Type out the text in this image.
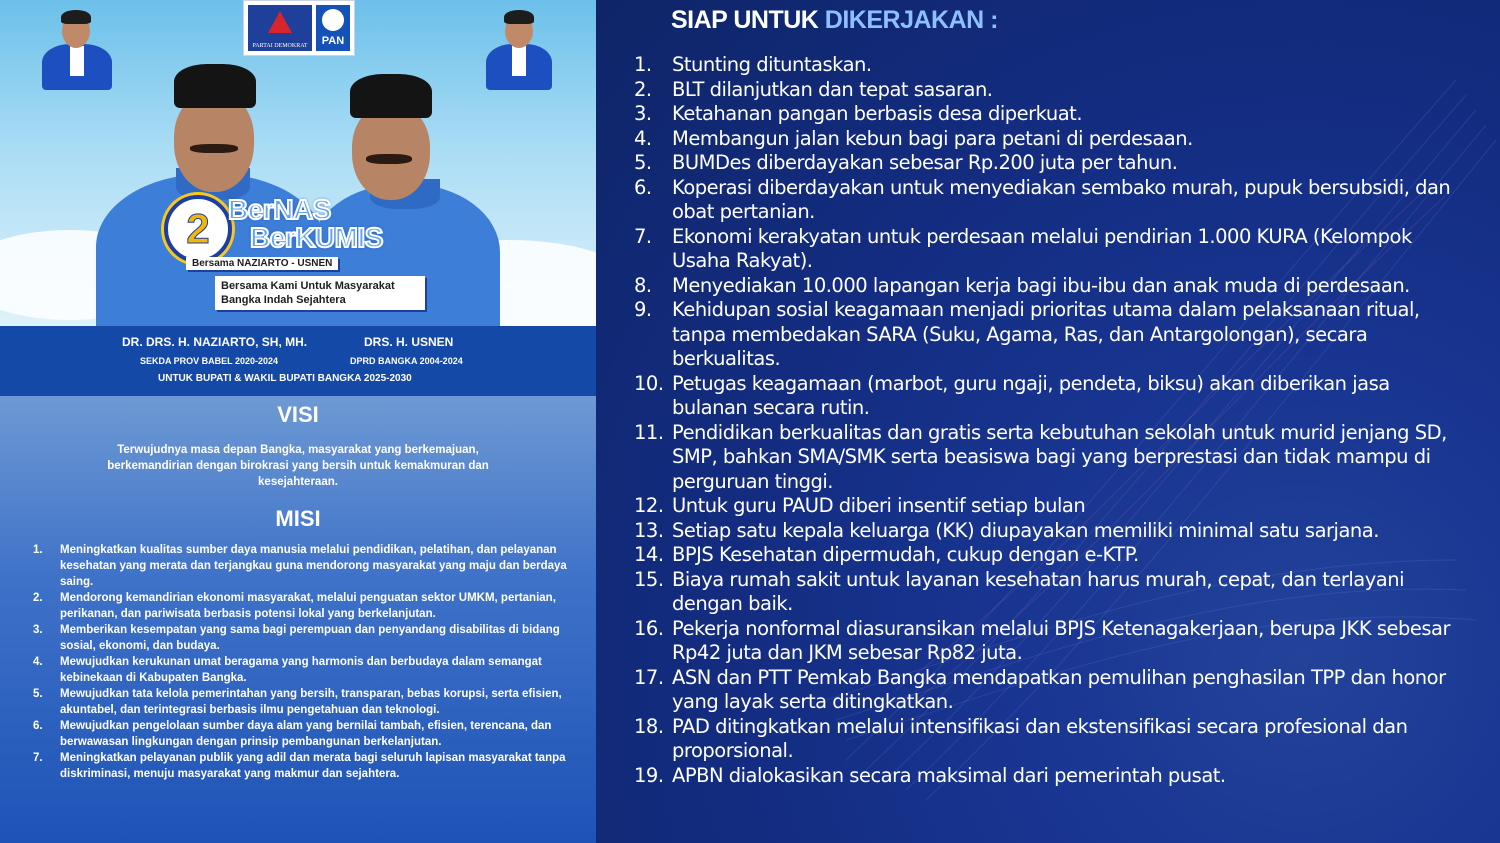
PARTAI DEMOKRAT	PAN
2 BerNAS
BerKUMIS
Bersama NAZIARTO - USNEN
Bersama Kami Untuk Masyarakat Bangka Indah Sejahtera
DR. DRS. H. NAZIARTO, SH, MH.	DRS. H. USNEN
SEKDA PROV BABEL 2020-2024	DPRD BANGKA 2004-2024
UNTUK BUPATI & WAKIL BUPATI BANGKA 2025-2030
VISI
Terwujudnya masa depan Bangka, masyarakat yang berkemajuan, berkemandirian dengan birokrasi yang bersih untuk kemakmuran dan kesejahteraan.
MISI
1. Meningkatkan kualitas sumber daya manusia melalui pendidikan, pelatihan, dan pelayanan kesehatan yang merata dan terjangkau guna mendorong masyarakat yang maju dan berdaya saing.
2. Mendorong kemandirian ekonomi masyarakat, melalui penguatan sektor UMKM, pertanian, perikanan, dan pariwisata berbasis potensi lokal yang berkelanjutan.
3. Memberikan kesempatan yang sama bagi perempuan dan penyandang disabilitas di bidang sosial, ekonomi, dan budaya.
4. Mewujudkan kerukunan umat beragama yang harmonis dan berbudaya dalam semangat kebinekaan di Kabupaten Bangka.
5. Mewujudkan tata kelola pemerintahan yang bersih, transparan, bebas korupsi, serta efisien, akuntabel, dan terintegrasi berbasis ilmu pengetahuan dan teknologi.
6. Mewujudkan pengelolaan sumber daya alam yang bernilai tambah, efisien, terencana, dan berwawasan lingkungan dengan prinsip pembangunan berkelanjutan.
7. Meningkatkan pelayanan publik yang adil dan merata bagi seluruh lapisan masyarakat tanpa diskriminasi, menuju masyarakat yang makmur dan sejahtera.
SIAP UNTUK DIKERJAKAN :
1. Stunting dituntaskan.
2. BLT dilanjutkan dan tepat sasaran.
3. Ketahanan pangan berbasis desa diperkuat.
4. Membangun jalan kebun bagi para petani di perdesaan.
5. BUMDes diberdayakan sebesar Rp.200 juta per tahun.
6. Koperasi diberdayakan untuk menyediakan sembako murah, pupuk bersubsidi, dan obat pertanian.
7. Ekonomi kerakyatan untuk perdesaan melalui pendirian 1.000 KURA (Kelompok Usaha Rakyat).
8. Menyediakan 10.000 lapangan kerja bagi ibu-ibu dan anak muda di perdesaan.
9. Kehidupan sosial keagamaan menjadi prioritas utama dalam pelaksanaan ritual, tanpa membedakan SARA (Suku, Agama, Ras, dan Antargolongan), secara berkualitas.
10. Petugas keagamaan (marbot, guru ngaji, pendeta, biksu) akan diberikan jasa bulanan secara rutin.
11. Pendidikan berkualitas dan gratis serta kebutuhan sekolah untuk murid jenjang SD, SMP, bahkan SMA/SMK serta beasiswa bagi yang berprestasi dan tidak mampu di perguruan tinggi.
12. Untuk guru PAUD diberi insentif setiap bulan
13. Setiap satu kepala keluarga (KK) diupayakan memiliki minimal satu sarjana.
14. BPJS Kesehatan dipermudah, cukup dengan e-KTP.
15. Biaya rumah sakit untuk layanan kesehatan harus murah, cepat, dan terlayani dengan baik.
16. Pekerja nonformal diasuransikan melalui BPJS Ketenagakerjaan, berupa JKK sebesar Rp42 juta dan JKM sebesar Rp82 juta.
17. ASN dan PTT Pemkab Bangka mendapatkan pemulihan penghasilan TPP dan honor yang layak serta ditingkatkan.
18. PAD ditingkatkan melalui intensifikasi dan ekstensifikasi secara profesional dan proporsional.
19. APBN dialokasikan secara maksimal dari pemerintah pusat.
